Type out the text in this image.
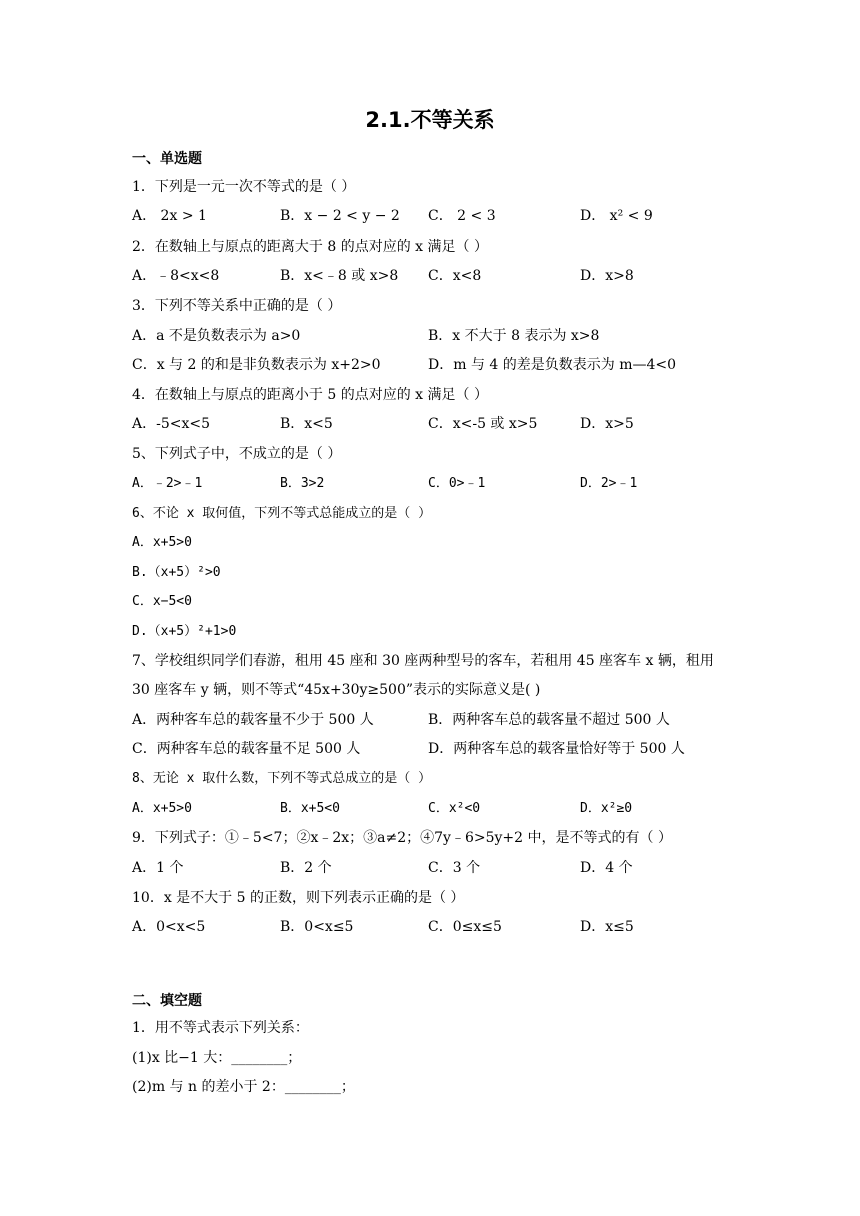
2.1.不等关系
一、单选题
1．下列是一元一次不等式的是（ ）
A． 2x > 1	B．x − 2 < y − 2 C． 2 < 3	D． x² < 9
2．在数轴上与原点的距离大于 8 的点对应的 x 满足（ ）
A．﹣8<x<8	B．x<﹣8 或 x>8 C．x<8	D．x>8
3．下列不等关系中正确的是（ ）
A．a 不是负数表示为 a>0	B．x 不大于 8 表示为 x>8
C．x 与 2 的和是非负数表示为 x+2>0	D．m 与 4 的差是负数表示为 m—4<0
4．在数轴上与原点的距离小于 5 的点对应的 x 满足（ ）
A．-5<x<5	B．x<5	C．x<-5 或 x>5	D．x>5
5、下列式子中，不成立的是（ ）
A．﹣2>﹣1	B．3>2	C．0>﹣1	D．2>﹣1
6、不论 x 取何值，下列不等式总能成立的是（ ）
A．x+5>0
B.（x+5）²>0
C．x−5<0
D.（x+5）²+1>0
7、学校组织同学们春游，租用 45 座和 30 座两种型号的客车，若租用 45 座客车 x 辆，租用
30 座客车 y 辆，则不等式“45x+30y≥500”表示的实际意义是( )
A．两种客车总的载客量不少于 500 人	B．两种客车总的载客量不超过 500 人
C．两种客车总的载客量不足 500 人	D．两种客车总的载客量恰好等于 500 人
8、无论 x 取什么数，下列不等式总成立的是（ ）
A．x+5>0	B．x+5<0	C．x²<0	D．x²≥0
9．下列式子：①﹣5<7；②x﹣2x；③a≠2；④7y﹣6>5y+2 中，是不等式的有（ ）
A．1 个	B．2 个	C．3 个	D．4 个
10．x 是不大于 5 的正数，则下列表示正确的是（ ）
A．0<x<5	B．0<x≤5	C．0≤x≤5	D．x≤5
二、填空题
1．用不等式表示下列关系：
(1)x 比−1 大：________；
(2)m 与 n 的差小于 2：________；
